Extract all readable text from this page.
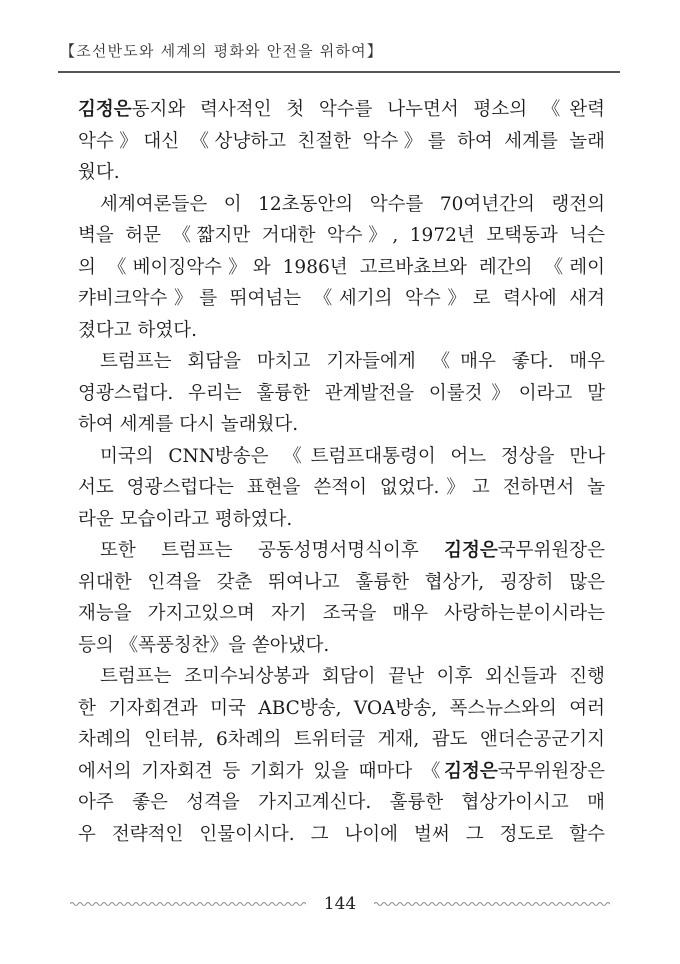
【조선반도와 세계의 평화와 안전을 위하여】
김정은동지와 력사적인 첫 악수를 나누면서 평소의 《완력
악수》대신 《상냥하고 친절한 악수》를 하여 세계를 놀래
웠다.
세계여론들은 이 12초동안의 악수를 70여년간의 랭전의
벽을 허문 《짧지만 거대한 악수》, 1972년 모택동과 닉슨
의 《베이징악수》와 1986년 고르바쵸브와 레간의 《레이
캬비크악수》를 뛰여넘는 《세기의 악수》로 력사에 새겨
졌다고 하였다.
트럼프는 회담을 마치고 기자들에게 《매우 좋다. 매우
영광스럽다. 우리는 훌륭한 관계발전을 이룰것》이라고 말
하여 세계를 다시 놀래웠다.
미국의 CNN방송은 《트럼프대통령이 어느 정상을 만나
서도 영광스럽다는 표현을 쓴적이 없었다.》고 전하면서 놀
라운 모습이라고 평하였다.
또한 트럼프는 공동성명서명식이후 김정은국무위원장은
위대한 인격을 갖춘 뛰여나고 훌륭한 협상가, 굉장히 많은
재능을 가지고있으며 자기 조국을 매우 사랑하는분이시라는
등의 《폭풍칭찬》을 쏟아냈다.
트럼프는 조미수뇌상봉과 회담이 끝난 이후 외신들과 진행
한 기자회견과 미국 ABC방송, VOA방송, 폭스뉴스와의 여러
차례의 인터뷰, 6차례의 트위터글 게재, 괌도 앤더슨공군기지
에서의 기자회견 등 기회가 있을 때마다 《김정은국무위원장은
아주 좋은 성격을 가지고계신다. 훌륭한 협상가이시고 매
우 전략적인 인물이시다. 그 나이에 벌써 그 정도로 할수
144
